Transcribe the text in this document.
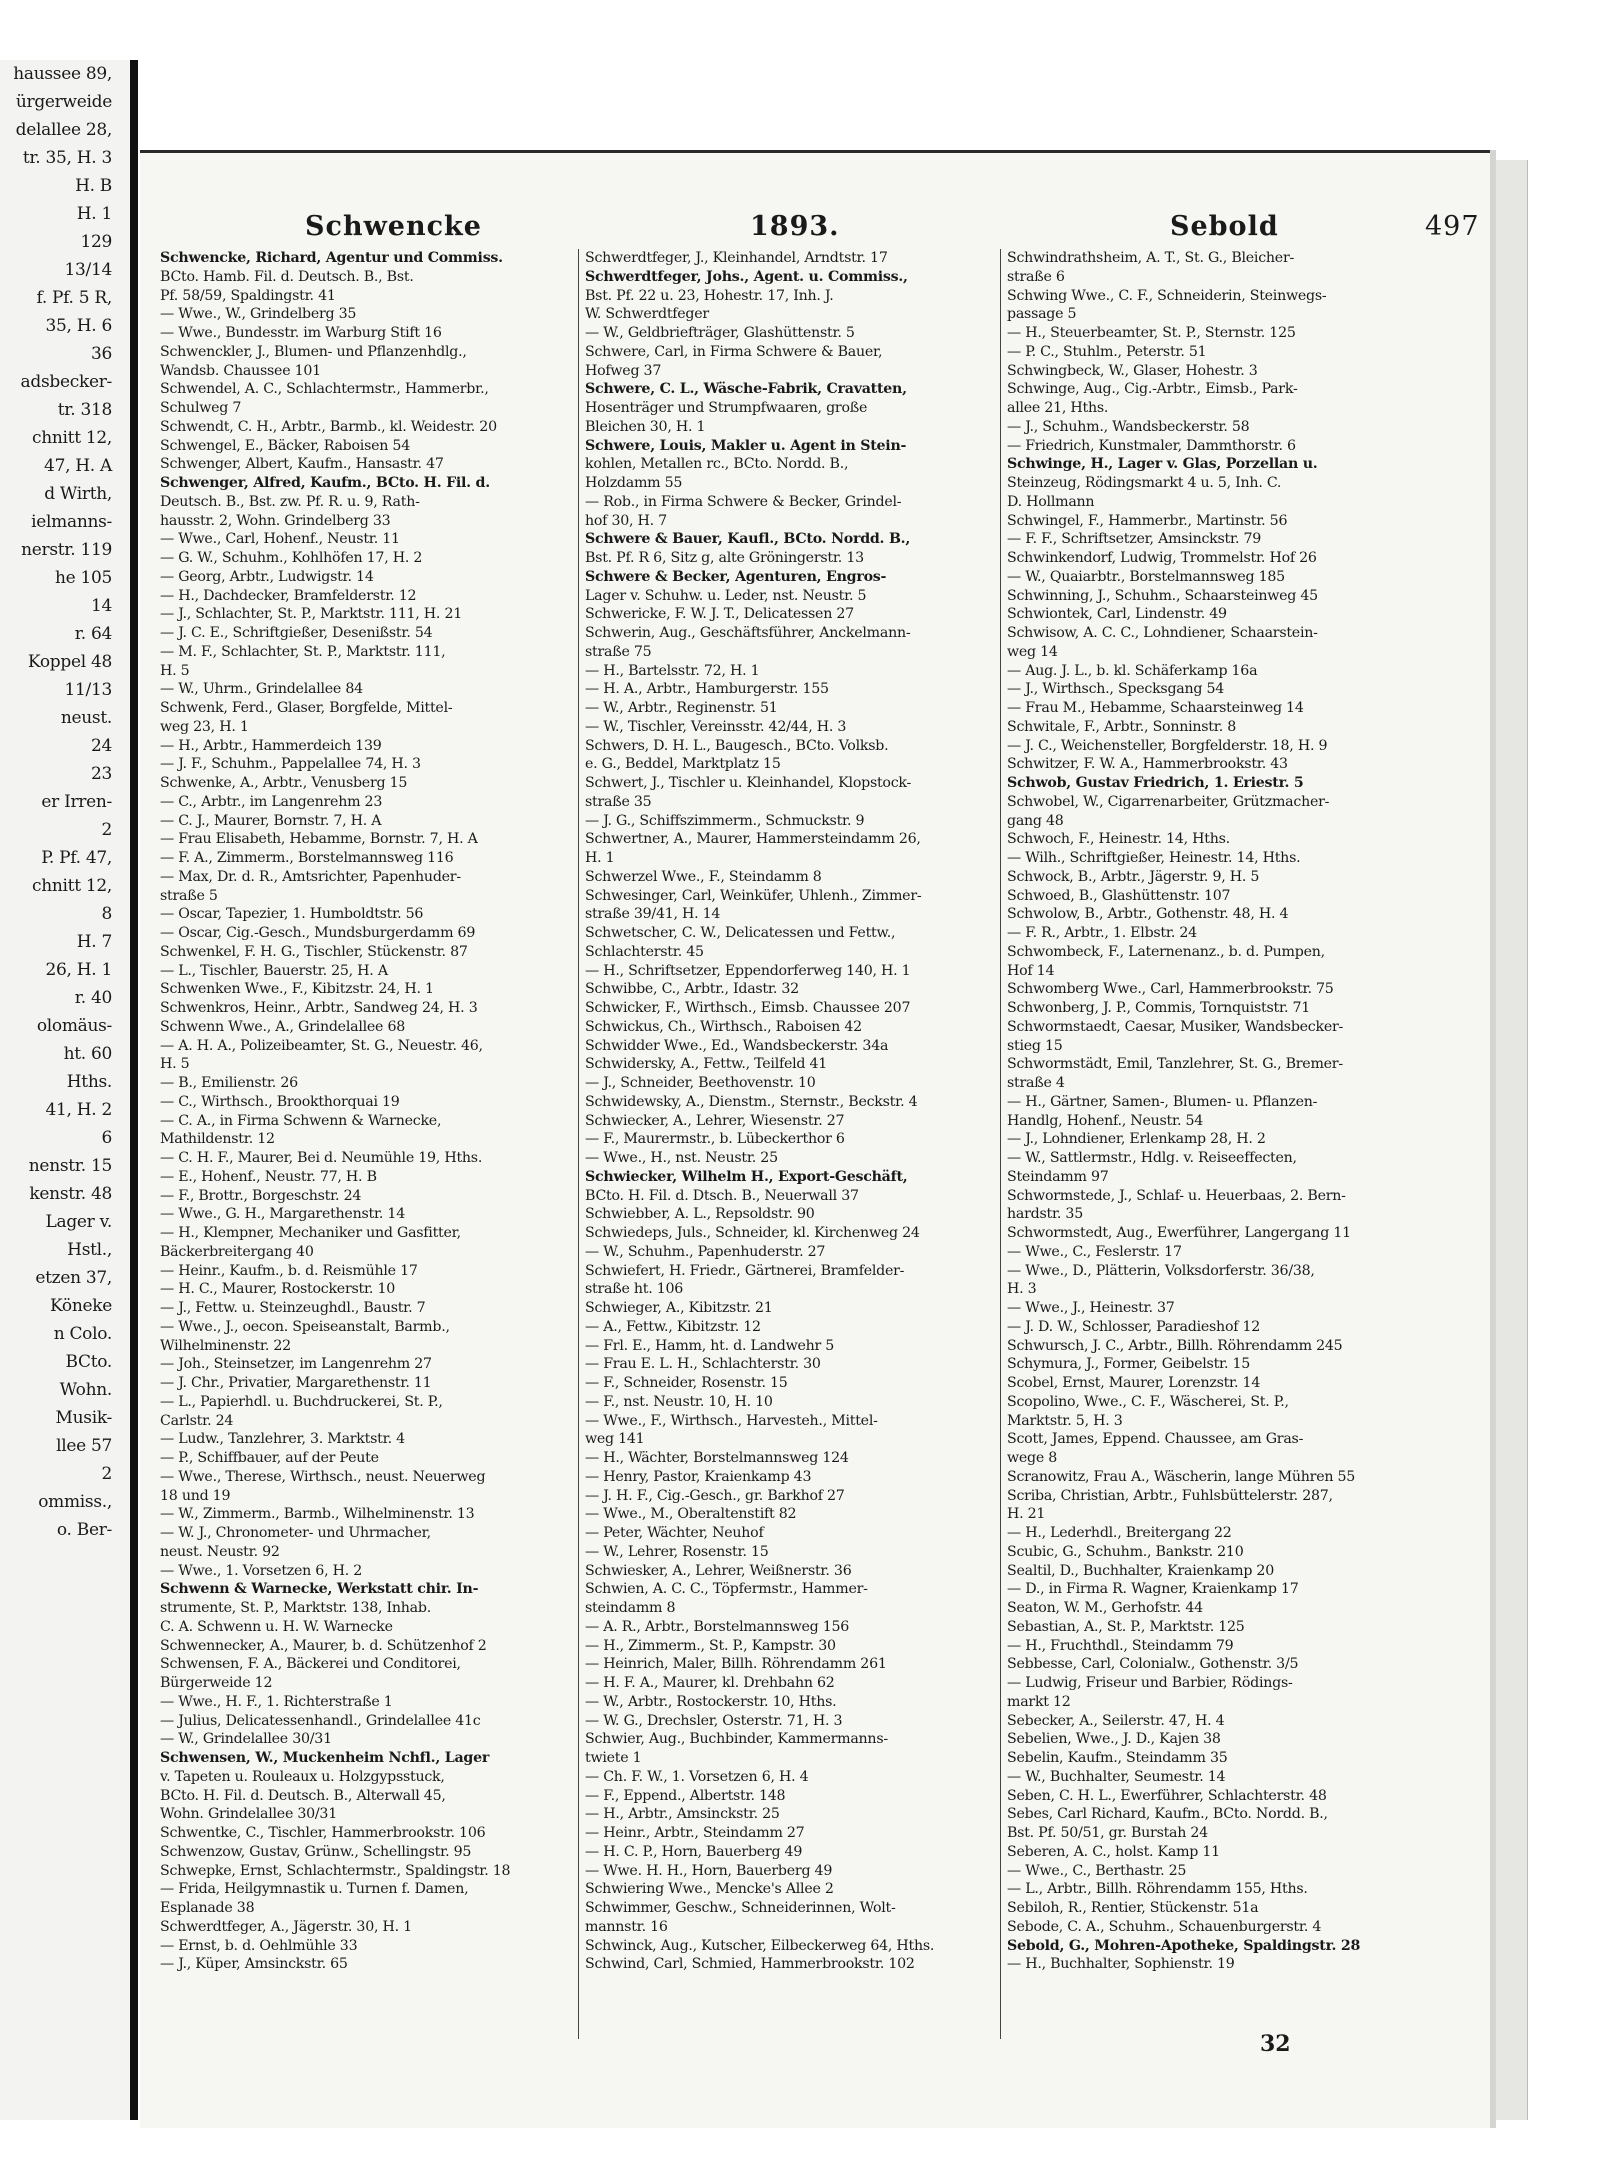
haussee 89,
ürgerweide
delallee 28,
tr. 35, H. 3
H. B
H. 1
129
13/14
f. Pf. 5 R,
35, H. 6
36
adsbecker-
tr. 318
chnitt 12,
47, H. A
d Wirth,
ielmanns-
nerstr. 119
he 105
14
r. 64
Koppel 48
11/13
neust.
24
23
er Irren-
2
P. Pf. 47,
chnitt 12,
8
H. 7
26, H. 1
r. 40
olomäus-
ht. 60
Hths.
41, H. 2
6
nenstr. 15
kenstr. 48
Lager v.
Hstl.,
etzen 37,
Köneke
n Colo.
BCto.
Wohn.
Musik-
llee 57
2
ommiss.,
o. Ber-
Schwencke	1893.	Sebold	497
Schwencke, Richard, Agentur und Commiss.
BCto. Hamb. Fil. d. Deutsch. B., Bst.
Pf. 58/59, Spaldingstr. 41
— Wwe., W., Grindelberg 35
— Wwe., Bundesstr. im Warburg Stift 16
Schwenckler, J., Blumen- und Pflanzenhdlg.,
Wandsb. Chaussee 101
Schwendel, A. C., Schlachtermstr., Hammerbr.,
Schulweg 7
Schwendt, C. H., Arbtr., Barmb., kl. Weidestr. 20
Schwengel, E., Bäcker, Raboisen 54
Schwenger, Albert, Kaufm., Hansastr. 47
Schwenger, Alfred, Kaufm., BCto. H. Fil. d.
Deutsch. B., Bst. zw. Pf. R. u. 9, Rath-
hausstr. 2, Wohn. Grindelberg 33
— Wwe., Carl, Hohenf., Neustr. 11
— G. W., Schuhm., Kohlhöfen 17, H. 2
— Georg, Arbtr., Ludwigstr. 14
— H., Dachdecker, Bramfelderstr. 12
— J., Schlachter, St. P., Marktstr. 111, H. 21
— J. C. E., Schriftgießer, Desenißstr. 54
— M. F., Schlachter, St. P., Marktstr. 111,
H. 5
— W., Uhrm., Grindelallee 84
Schwenk, Ferd., Glaser, Borgfelde, Mittel-
weg 23, H. 1
— H., Arbtr., Hammerdeich 139
— J. F., Schuhm., Pappelallee 74, H. 3
Schwenke, A., Arbtr., Venusberg 15
— C., Arbtr., im Langenrehm 23
— C. J., Maurer, Bornstr. 7, H. A
— Frau Elisabeth, Hebamme, Bornstr. 7, H. A
— F. A., Zimmerm., Borstelmannsweg 116
— Max, Dr. d. R., Amtsrichter, Papenhuder-
straße 5
— Oscar, Tapezier, 1. Humboldtstr. 56
— Oscar, Cig.-Gesch., Mundsburgerdamm 69
Schwenkel, F. H. G., Tischler, Stückenstr. 87
— L., Tischler, Bauerstr. 25, H. A
Schwenken Wwe., F., Kibitzstr. 24, H. 1
Schwenkros, Heinr., Arbtr., Sandweg 24, H. 3
Schwenn Wwe., A., Grindelallee 68
— A. H. A., Polizeibeamter, St. G., Neuestr. 46,
H. 5
— B., Emilienstr. 26
— C., Wirthsch., Brookthorquai 19
— C. A., in Firma Schwenn & Warnecke,
Mathildenstr. 12
— C. H. F., Maurer, Bei d. Neumühle 19, Hths.
— E., Hohenf., Neustr. 77, H. B
— F., Brottr., Borgeschstr. 24
— Wwe., G. H., Margarethenstr. 14
— H., Klempner, Mechaniker und Gasfitter,
Bäckerbreitergang 40
— Heinr., Kaufm., b. d. Reismühle 17
— H. C., Maurer, Rostockerstr. 10
— J., Fettw. u. Steinzeughdl., Baustr. 7
— Wwe., J., oecon. Speiseanstalt, Barmb.,
Wilhelminenstr. 22
— Joh., Steinsetzer, im Langenrehm 27
— J. Chr., Privatier, Margarethenstr. 11
— L., Papierhdl. u. Buchdruckerei, St. P.,
Carlstr. 24
— Ludw., Tanzlehrer, 3. Marktstr. 4
— P., Schiffbauer, auf der Peute
— Wwe., Therese, Wirthsch., neust. Neuerweg
18 und 19
— W., Zimmerm., Barmb., Wilhelminenstr. 13
— W. J., Chronometer- und Uhrmacher,
neust. Neustr. 92
— Wwe., 1. Vorsetzen 6, H. 2
Schwenn & Warnecke, Werkstatt chir. In-
strumente, St. P., Marktstr. 138, Inhab.
C. A. Schwenn u. H. W. Warnecke
Schwennecker, A., Maurer, b. d. Schützenhof 2
Schwensen, F. A., Bäckerei und Conditorei,
Bürgerweide 12
— Wwe., H. F., 1. Richterstraße 1
— Julius, Delicatessenhandl., Grindelallee 41c
— W., Grindelallee 30/31
Schwensen, W., Muckenheim Nchfl., Lager
v. Tapeten u. Rouleaux u. Holzgypsstuck,
BCto. H. Fil. d. Deutsch. B., Alterwall 45,
Wohn. Grindelallee 30/31
Schwentke, C., Tischler, Hammerbrookstr. 106
Schwenzow, Gustav, Grünw., Schellingstr. 95
Schwepke, Ernst, Schlachtermstr., Spaldingstr. 18
— Frida, Heilgymnastik u. Turnen f. Damen,
Esplanade 38
Schwerdtfeger, A., Jägerstr. 30, H. 1
— Ernst, b. d. Oehlmühle 33
— J., Küper, Amsinckstr. 65
Schwerdtfeger, J., Kleinhandel, Arndtstr. 17
Schwerdtfeger, Johs., Agent. u. Commiss.,
Bst. Pf. 22 u. 23, Hohestr. 17, Inh. J.
W. Schwerdtfeger
— W., Geldbriefträger, Glashüttenstr. 5
Schwere, Carl, in Firma Schwere & Bauer,
Hofweg 37
Schwere, C. L., Wäsche-Fabrik, Cravatten,
Hosenträger und Strumpfwaaren, große
Bleichen 30, H. 1
Schwere, Louis, Makler u. Agent in Stein-
kohlen, Metallen rc., BCto. Nordd. B.,
Holzdamm 55
— Rob., in Firma Schwere & Becker, Grindel-
hof 30, H. 7
Schwere & Bauer, Kaufl., BCto. Nordd. B.,
Bst. Pf. R 6, Sitz g, alte Gröningerstr. 13
Schwere & Becker, Agenturen, Engros-
Lager v. Schuhw. u. Leder, nst. Neustr. 5
Schwericke, F. W. J. T., Delicatessen 27
Schwerin, Aug., Geschäftsführer, Anckelmann-
straße 75
— H., Bartelsstr. 72, H. 1
— H. A., Arbtr., Hamburgerstr. 155
— W., Arbtr., Reginenstr. 51
— W., Tischler, Vereinsstr. 42/44, H. 3
Schwers, D. H. L., Baugesch., BCto. Volksb.
e. G., Beddel, Marktplatz 15
Schwert, J., Tischler u. Kleinhandel, Klopstock-
straße 35
— J. G., Schiffszimmerm., Schmuckstr. 9
Schwertner, A., Maurer, Hammersteindamm 26,
H. 1
Schwerzel Wwe., F., Steindamm 8
Schwesinger, Carl, Weinküfer, Uhlenh., Zimmer-
straße 39/41, H. 14
Schwetscher, C. W., Delicatessen und Fettw.,
Schlachterstr. 45
— H., Schriftsetzer, Eppendorferweg 140, H. 1
Schwibbe, C., Arbtr., Idastr. 32
Schwicker, F., Wirthsch., Eimsb. Chaussee 207
Schwickus, Ch., Wirthsch., Raboisen 42
Schwidder Wwe., Ed., Wandsbeckerstr. 34a
Schwidersky, A., Fettw., Teilfeld 41
— J., Schneider, Beethovenstr. 10
Schwidewsky, A., Dienstm., Sternstr., Beckstr. 4
Schwiecker, A., Lehrer, Wiesenstr. 27
— F., Maurermstr., b. Lübeckerthor 6
— Wwe., H., nst. Neustr. 25
Schwiecker, Wilhelm H., Export-Geschäft,
BCto. H. Fil. d. Dtsch. B., Neuerwall 37
Schwiebber, A. L., Repsoldstr. 90
Schwiedeps, Juls., Schneider, kl. Kirchenweg 24
— W., Schuhm., Papenhuderstr. 27
Schwiefert, H. Friedr., Gärtnerei, Bramfelder-
straße ht. 106
Schwieger, A., Kibitzstr. 21
— A., Fettw., Kibitzstr. 12
— Frl. E., Hamm, ht. d. Landwehr 5
— Frau E. L. H., Schlachterstr. 30
— F., Schneider, Rosenstr. 15
— F., nst. Neustr. 10, H. 10
— Wwe., F., Wirthsch., Harvesteh., Mittel-
weg 141
— H., Wächter, Borstelmannsweg 124
— Henry, Pastor, Kraienkamp 43
— J. H. F., Cig.-Gesch., gr. Barkhof 27
— Wwe., M., Oberaltenstift 82
— Peter, Wächter, Neuhof
— W., Lehrer, Rosenstr. 15
Schwiesker, A., Lehrer, Weißnerstr. 36
Schwien, A. C. C., Töpfermstr., Hammer-
steindamm 8
— A. R., Arbtr., Borstelmannsweg 156
— H., Zimmerm., St. P., Kampstr. 30
— Heinrich, Maler, Billh. Röhrendamm 261
— H. F. A., Maurer, kl. Drehbahn 62
— W., Arbtr., Rostockerstr. 10, Hths.
— W. G., Drechsler, Osterstr. 71, H. 3
Schwier, Aug., Buchbinder, Kammermanns-
twiete 1
— Ch. F. W., 1. Vorsetzen 6, H. 4
— F., Eppend., Albertstr. 148
— H., Arbtr., Amsinckstr. 25
— Heinr., Arbtr., Steindamm 27
— H. C. P., Horn, Bauerberg 49
— Wwe. H. H., Horn, Bauerberg 49
Schwiering Wwe., Mencke's Allee 2
Schwimmer, Geschw., Schneiderinnen, Wolt-
mannstr. 16
Schwinck, Aug., Kutscher, Eilbeckerweg 64, Hths.
Schwind, Carl, Schmied, Hammerbrookstr. 102
Schwindrathsheim, A. T., St. G., Bleicher-
straße 6
Schwing Wwe., C. F., Schneiderin, Steinwegs-
passage 5
— H., Steuerbeamter, St. P., Sternstr. 125
— P. C., Stuhlm., Peterstr. 51
Schwingbeck, W., Glaser, Hohestr. 3
Schwinge, Aug., Cig.-Arbtr., Eimsb., Park-
allee 21, Hths.
— J., Schuhm., Wandsbeckerstr. 58
— Friedrich, Kunstmaler, Dammthorstr. 6
Schwinge, H., Lager v. Glas, Porzellan u.
Steinzeug, Rödingsmarkt 4 u. 5, Inh. C.
D. Hollmann
Schwingel, F., Hammerbr., Martinstr. 56
— F. F., Schriftsetzer, Amsinckstr. 79
Schwinkendorf, Ludwig, Trommelstr. Hof 26
— W., Quaiarbtr., Borstelmannsweg 185
Schwinning, J., Schuhm., Schaarsteinweg 45
Schwiontek, Carl, Lindenstr. 49
Schwisow, A. C. C., Lohndiener, Schaarstein-
weg 14
— Aug. J. L., b. kl. Schäferkamp 16a
— J., Wirthsch., Specksgang 54
— Frau M., Hebamme, Schaarsteinweg 14
Schwitale, F., Arbtr., Sonninstr. 8
— J. C., Weichensteller, Borgfelderstr. 18, H. 9
Schwitzer, F. W. A., Hammerbrookstr. 43
Schwob, Gustav Friedrich, 1. Eriestr. 5
Schwobel, W., Cigarrenarbeiter, Grützmacher-
gang 48
Schwoch, F., Heinestr. 14, Hths.
— Wilh., Schriftgießer, Heinestr. 14, Hths.
Schwock, B., Arbtr., Jägerstr. 9, H. 5
Schwoed, B., Glashüttenstr. 107
Schwolow, B., Arbtr., Gothenstr. 48, H. 4
— F. R., Arbtr., 1. Elbstr. 24
Schwombeck, F., Laternenanz., b. d. Pumpen,
Hof 14
Schwomberg Wwe., Carl, Hammerbrookstr. 75
Schwonberg, J. P., Commis, Tornquiststr. 71
Schwormstaedt, Caesar, Musiker, Wandsbecker-
stieg 15
Schwormstädt, Emil, Tanzlehrer, St. G., Bremer-
straße 4
— H., Gärtner, Samen-, Blumen- u. Pflanzen-
Handlg, Hohenf., Neustr. 54
— J., Lohndiener, Erlenkamp 28, H. 2
— W., Sattlermstr., Hdlg. v. Reiseeffecten,
Steindamm 97
Schwormstede, J., Schlaf- u. Heuerbaas, 2. Bern-
hardstr. 35
Schwormstedt, Aug., Ewerführer, Langergang 11
— Wwe., C., Feslerstr. 17
— Wwe., D., Plätterin, Volksdorferstr. 36/38,
H. 3
— Wwe., J., Heinestr. 37
— J. D. W., Schlosser, Paradieshof 12
Schwursch, J. C., Arbtr., Billh. Röhrendamm 245
Schymura, J., Former, Geibelstr. 15
Scobel, Ernst, Maurer, Lorenzstr. 14
Scopolino, Wwe., C. F., Wäscherei, St. P.,
Marktstr. 5, H. 3
Scott, James, Eppend. Chaussee, am Gras-
wege 8
Scranowitz, Frau A., Wäscherin, lange Mühren 55
Scriba, Christian, Arbtr., Fuhlsbüttelerstr. 287,
H. 21
— H., Lederhdl., Breitergang 22
Scubic, G., Schuhm., Bankstr. 210
Sealtil, D., Buchhalter, Kraienkamp 20
— D., in Firma R. Wagner, Kraienkamp 17
Seaton, W. M., Gerhofstr. 44
Sebastian, A., St. P., Marktstr. 125
— H., Fruchthdl., Steindamm 79
Sebbesse, Carl, Colonialw., Gothenstr. 3/5
— Ludwig, Friseur und Barbier, Rödings-
markt 12
Sebecker, A., Seilerstr. 47, H. 4
Sebelien, Wwe., J. D., Kajen 38
Sebelin, Kaufm., Steindamm 35
— W., Buchhalter, Seumestr. 14
Seben, C. H. L., Ewerführer, Schlachterstr. 48
Sebes, Carl Richard, Kaufm., BCto. Nordd. B.,
Bst. Pf. 50/51, gr. Burstah 24
Seberen, A. C., holst. Kamp 11
— Wwe., C., Berthastr. 25
— L., Arbtr., Billh. Röhrendamm 155, Hths.
Sebiloh, R., Rentier, Stückenstr. 51a
Sebode, C. A., Schuhm., Schauenburgerstr. 4
Sebold, G., Mohren-Apotheke, Spaldingstr. 28
— H., Buchhalter, Sophienstr. 19
32
